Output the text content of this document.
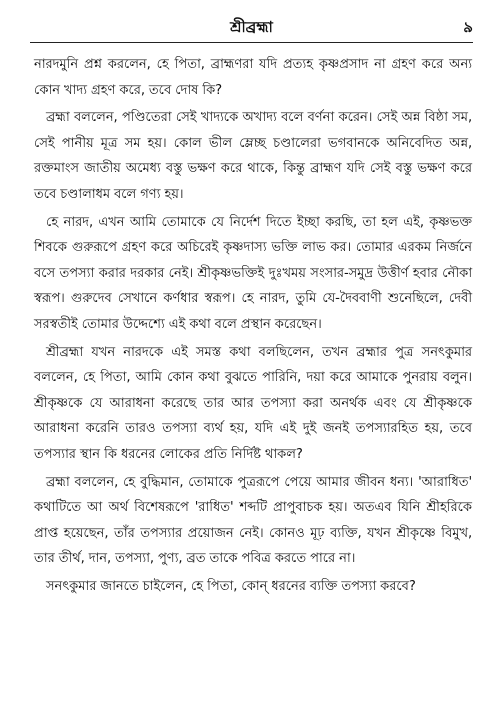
শ্রীব্রহ্মা	৯

নারদমুনি প্রশ্ন করলেন, হে পিতা, ব্রাহ্মণরা যদি প্রত্যহ কৃষ্ণপ্রসাদ না গ্রহণ করে অন্য কোন খাদ্য গ্রহণ করে, তবে দোষ কি?

ব্রহ্মা বললেন, পণ্ডিতেরা সেই খাদ্যকে অখাদ্য বলে বর্ণনা করেন। সেই অন্ন বিষ্ঠা সম, সেই পানীয় মূত্র সম হয়। কোল ভীল ম্লেচ্ছ চণ্ডালেরা ভগবানকে অনিবেদিত অন্ন, রক্তমাংস জাতীয় অমেধ্য বস্তু ভক্ষণ করে থাকে, কিন্তু ব্রাহ্মণ যদি সেই বস্তু ভক্ষণ করে তবে চণ্ডালাধম বলে গণ্য হয়।

হে নারদ, এখন আমি তোমাকে যে নির্দেশ দিতে ইচ্ছা করছি, তা হল এই, কৃষ্ণভক্ত শিবকে গুরুরূপে গ্রহণ করে অচিরেই কৃষ্ণদাস্য ভক্তি লাভ কর। তোমার এরকম নির্জনে বসে তপস্যা করার দরকার নেই। শ্রীকৃষ্ণভক্তিই দুঃখময় সংসার-সমুদ্র উত্তীর্ণ হবার নৌকা স্বরূপ। গুরুদেব সেখানে কর্ণধার স্বরূপ। হে নারদ, তুমি যে-দৈববাণী শুনেছিলে, দেবী সরস্বতীই তোমার উদ্দেশ্যে এই কথা বলে প্রস্থান করেছেন।

শ্রীব্রহ্মা যখন নারদকে এই সমস্ত কথা বলছিলেন, তখন ব্রহ্মার পুত্র সনৎকুমার বললেন, হে পিতা, আমি কোন কথা বুঝতে পারিনি, দয়া করে আমাকে পুনরায় বলুন। শ্রীকৃষ্ণকে যে আরাধনা করেছে তার আর তপস্যা করা অনর্থক এবং যে শ্রীকৃষ্ণকে আরাধনা করেনি তারও তপস্যা ব্যর্থ হয়, যদি এই দুই জনই তপস্যারহিত হয়, তবে তপস্যার স্থান কি ধরনের লোকের প্রতি নির্দিষ্ট থাকল?

ব্রহ্মা বললেন, হে বুদ্ধিমান, তোমাকে পুত্ররূপে পেয়ে আমার জীবন ধন্য। 'আরাধিত' কথাটিতে আ অর্থ বিশেষরূপে 'রাধিত' শব্দটি প্রাপুবাচক হয়। অতএব যিনি শ্রীহরিকে প্রাপ্ত হয়েছেন, তাঁর তপস্যার প্রয়োজন নেই। কোনও মূঢ় ব্যক্তি, যখন শ্রীকৃষ্ণে বিমুখ, তার তীর্থ, দান, তপস্যা, পুণ্য, ব্রত তাকে পবিত্র করতে পারে না।

সনৎকুমার জানতে চাইলেন, হে পিতা, কোন্ ধরনের ব্যক্তি তপস্যা করবে?
